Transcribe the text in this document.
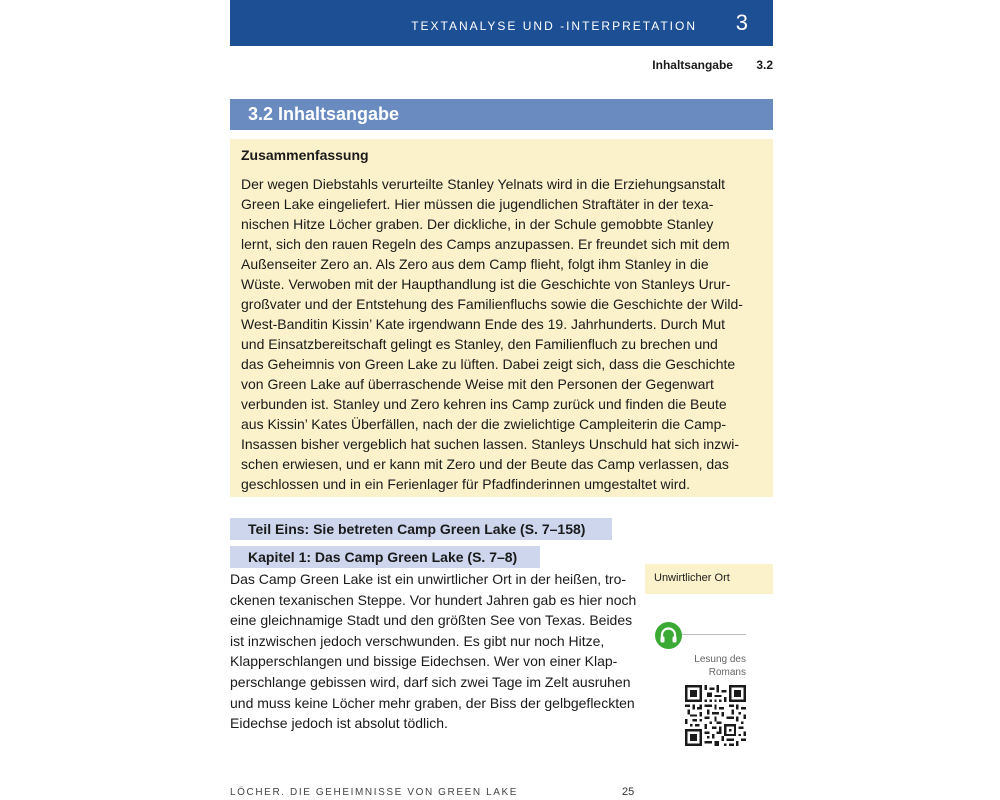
TEXTANALYSE UND -INTERPRETATION 3
Inhaltsangabe 3.2
3.2 Inhaltsangabe
Zusammenfassung
Der wegen Diebstahls verurteilte Stanley Yelnats wird in die Erziehungsanstalt
Green Lake eingeliefert. Hier müssen die jugendlichen Straftäter in der texa-
nischen Hitze Löcher graben. Der dickliche, in der Schule gemobbte Stanley
lernt, sich den rauen Regeln des Camps anzupassen. Er freundet sich mit dem
Außenseiter Zero an. Als Zero aus dem Camp flieht, folgt ihm Stanley in die
Wüste. Verwoben mit der Haupthandlung ist die Geschichte von Stanleys Urur-
großvater und der Entstehung des Familienfluchs sowie die Geschichte der Wild-
West-Banditin Kissin’ Kate irgendwann Ende des 19. Jahrhunderts. Durch Mut
und Einsatzbereitschaft gelingt es Stanley, den Familienfluch zu brechen und
das Geheimnis von Green Lake zu lüften. Dabei zeigt sich, dass die Geschichte
von Green Lake auf überraschende Weise mit den Personen der Gegenwart
verbunden ist. Stanley und Zero kehren ins Camp zurück und finden die Beute
aus Kissin’ Kates Überfällen, nach der die zwielichtige Campleiterin die Camp-
Insassen bisher vergeblich hat suchen lassen. Stanleys Unschuld hat sich inzwi-
schen erwiesen, und er kann mit Zero und der Beute das Camp verlassen, das
geschlossen und in ein Ferienlager für Pfadfinderinnen umgestaltet wird.
Teil Eins: Sie betreten Camp Green Lake (S. 7–158)
Kapitel 1: Das Camp Green Lake (S. 7–8)
Das Camp Green Lake ist ein unwirtlicher Ort in der heißen, tro-
ckenen texanischen Steppe. Vor hundert Jahren gab es hier noch
eine gleichnamige Stadt und den größten See von Texas. Beides
ist inzwischen jedoch verschwunden. Es gibt nur noch Hitze,
Klapperschlangen und bissige Eidechsen. Wer von einer Klap-
perschlange gebissen wird, darf sich zwei Tage im Zelt ausruhen
und muss keine Löcher mehr graben, der Biss der gelbgefleckten
Eidechse jedoch ist absolut tödlich.
Unwirtlicher Ort
Lesung des Romans
LÖCHER. DIE GEHEIMNISSE VON GREEN LAKE	25
